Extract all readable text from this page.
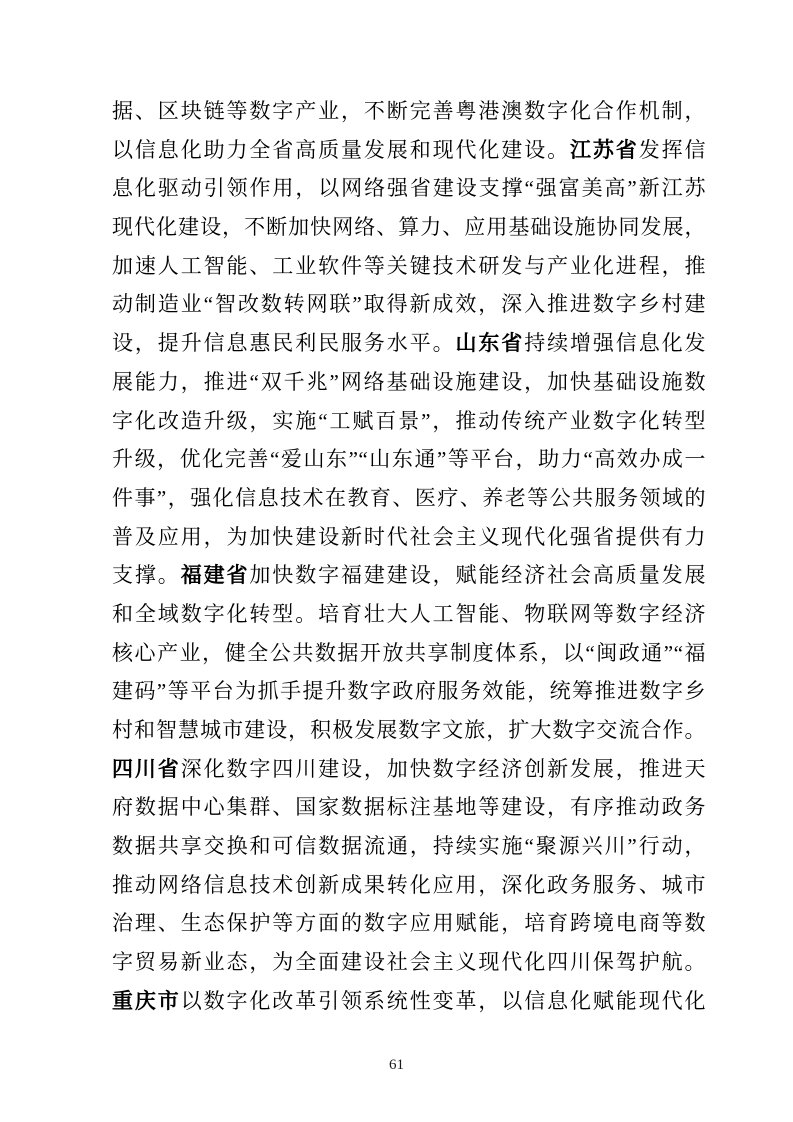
据、区块链等数字产业，不断完善粤港澳数字化合作机制，
以信息化助力全省高质量发展和现代化建设。江苏省发挥信
息化驱动引领作用，以网络强省建设支撑“强富美高”新江苏
现代化建设，不断加快网络、算力、应用基础设施协同发展，
加速人工智能、工业软件等关键技术研发与产业化进程，推
动制造业“智改数转网联”取得新成效，深入推进数字乡村建
设，提升信息惠民利民服务水平。山东省持续增强信息化发
展能力，推进“双千兆”网络基础设施建设，加快基础设施数
字化改造升级，实施“工赋百景”，推动传统产业数字化转型
升级，优化完善“爱山东”“山东通”等平台，助力“高效办成一
件事”，强化信息技术在教育、医疗、养老等公共服务领域的
普及应用，为加快建设新时代社会主义现代化强省提供有力
支撑。福建省加快数字福建建设，赋能经济社会高质量发展
和全域数字化转型。培育壮大人工智能、物联网等数字经济
核心产业，健全公共数据开放共享制度体系，以“闽政通”“福
建码”等平台为抓手提升数字政府服务效能，统筹推进数字乡
村和智慧城市建设，积极发展数字文旅，扩大数字交流合作。
四川省深化数字四川建设，加快数字经济创新发展，推进天
府数据中心集群、国家数据标注基地等建设，有序推动政务
数据共享交换和可信数据流通，持续实施“聚源兴川”行动，
推动网络信息技术创新成果转化应用，深化政务服务、城市
治理、生态保护等方面的数字应用赋能，培育跨境电商等数
字贸易新业态，为全面建设社会主义现代化四川保驾护航。
重庆市以数字化改革引领系统性变革，以信息化赋能现代化
61
